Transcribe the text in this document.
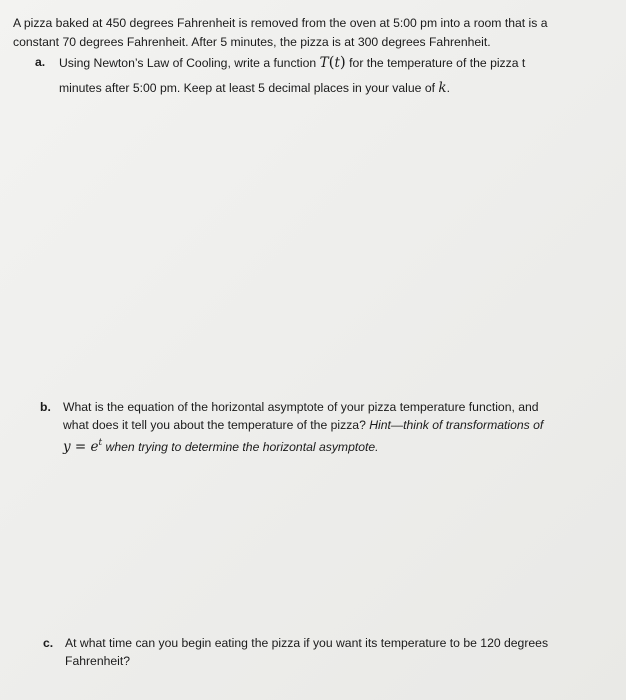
A pizza baked at 450 degrees Fahrenheit is removed from the oven at 5:00 pm into a room that is a
constant 70 degrees Fahrenheit. After 5 minutes, the pizza is at 300 degrees Fahrenheit.
a. Using Newton’s Law of Cooling, write a function T(t) for the temperature of the pizza t
minutes after 5:00 pm. Keep at least 5 decimal places in your value of k.
b. What is the equation of the horizontal asymptote of your pizza temperature function, and
what does it tell you about the temperature of the pizza? Hint—think of transformations of
$y = e^t$ when trying to determine the horizontal asymptote.
c. At what time can you begin eating the pizza if you want its temperature to be 120 degrees
Fahrenheit?
